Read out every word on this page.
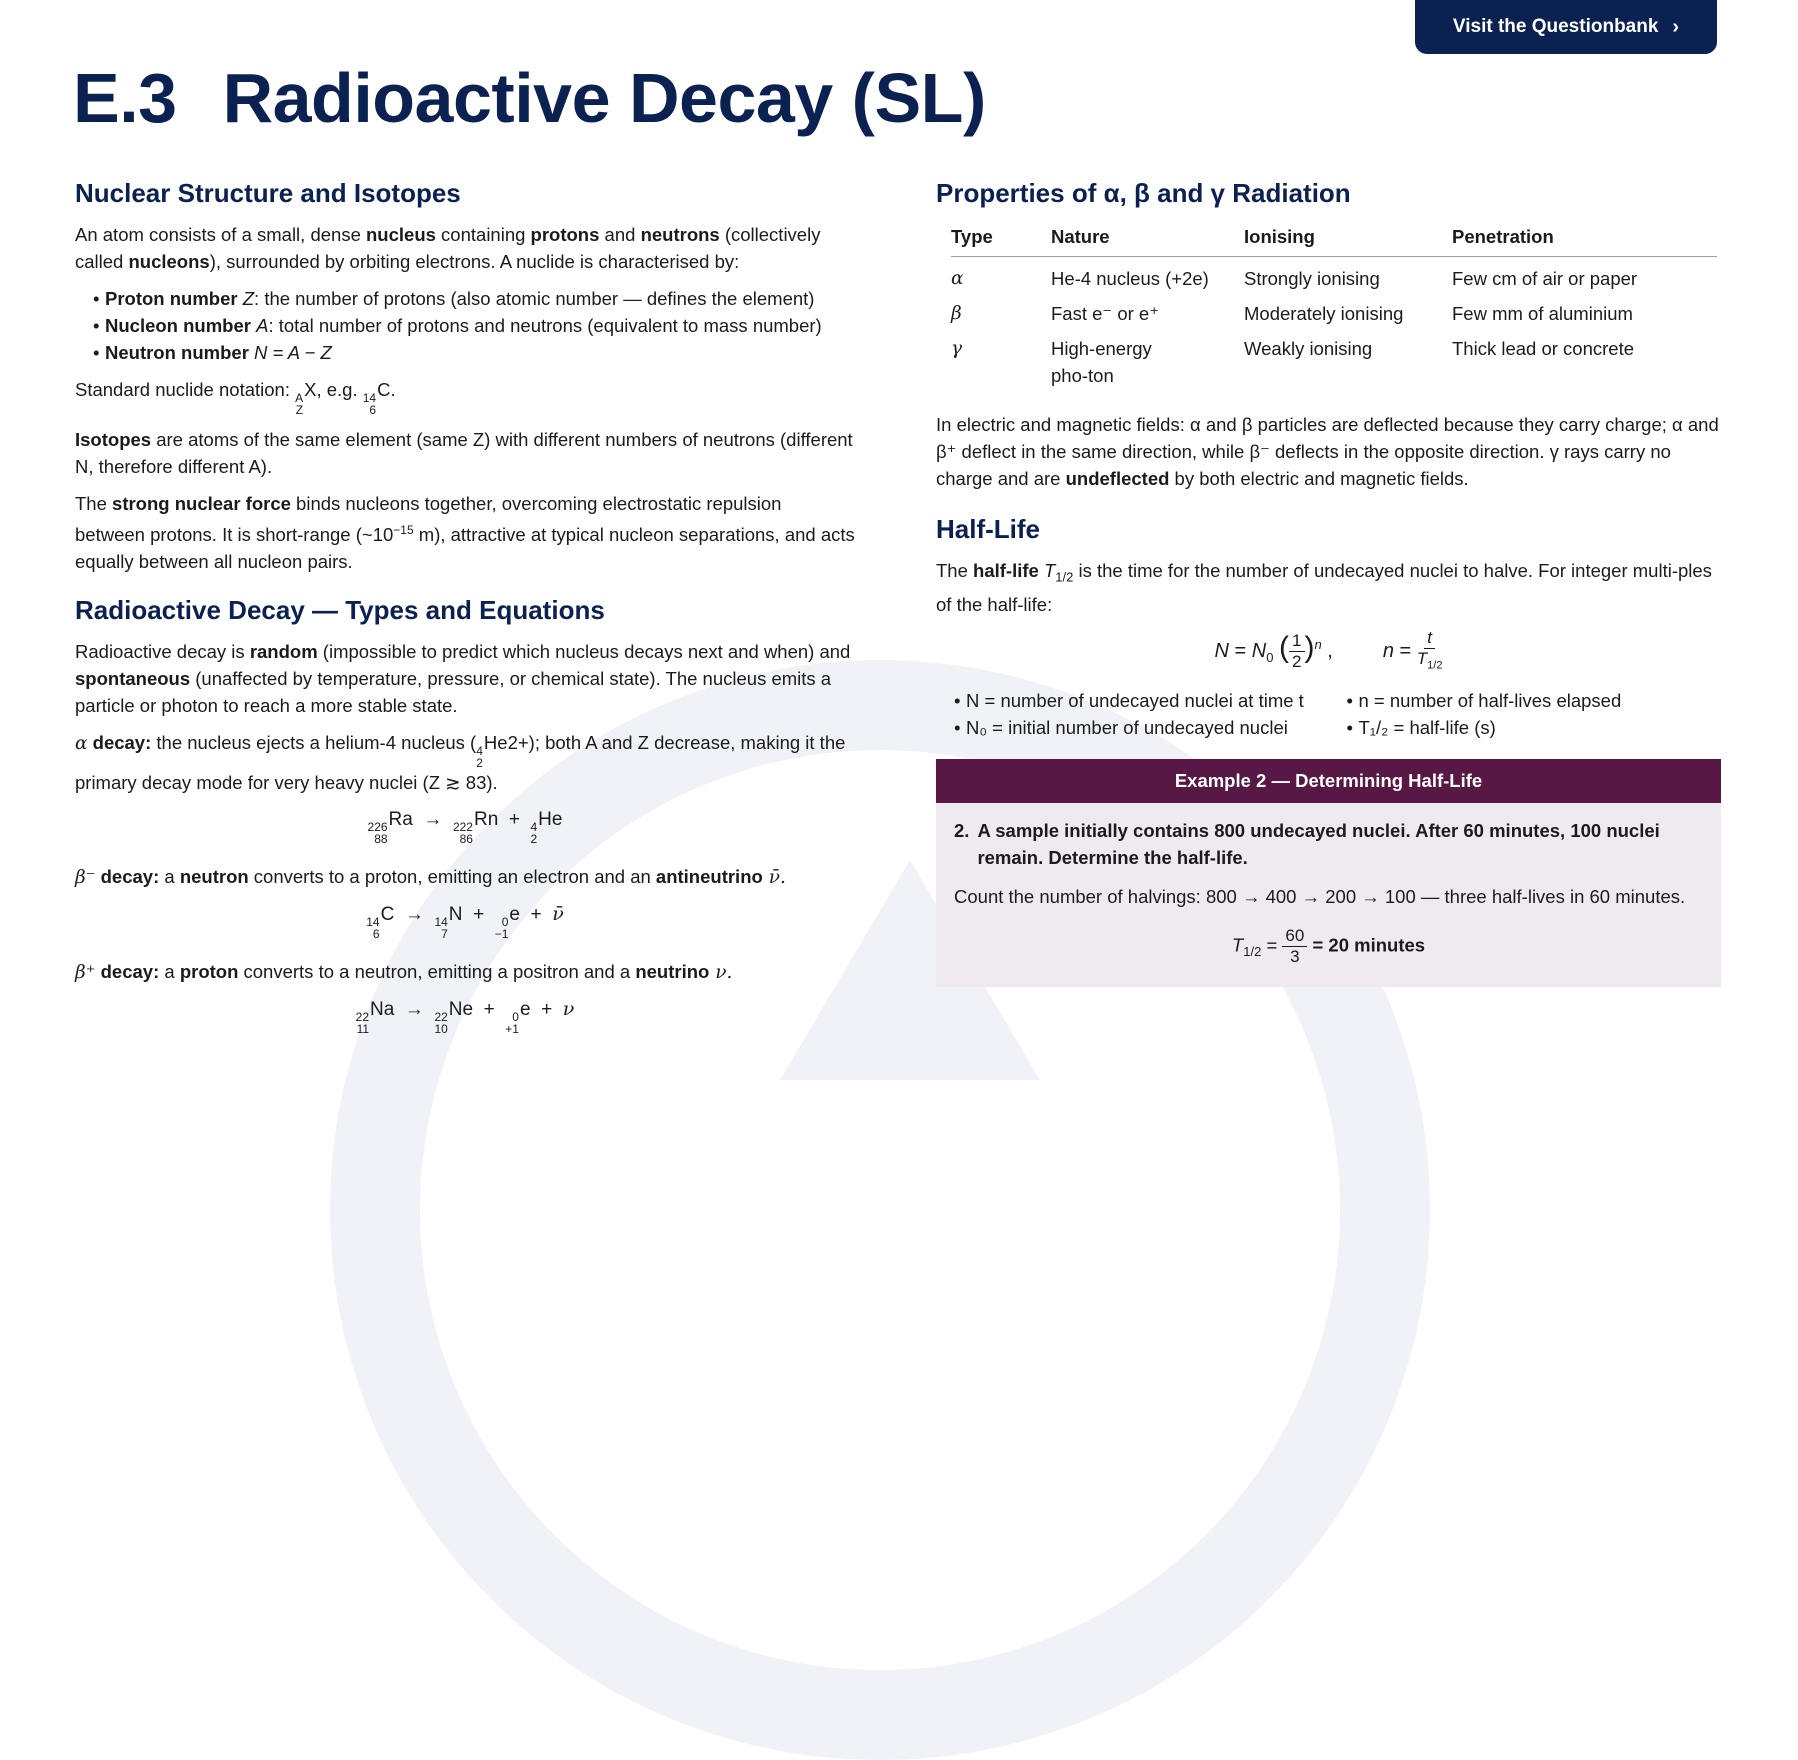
Visit the Questionbank ›
E.3 Radioactive Decay (SL)
Nuclear Structure and Isotopes

An atom consists of a small, dense nucleus containing protons and neutrons (collectively called nucleons), surrounded by orbiting electrons. A nuclide is characterised by:

• Proton number Z: the number of protons (also atomic number — defines the element)
• Nucleon number A: total number of protons and neutrons (equivalent to mass number)
• Neutron number N = A − Z

Standard nuclide notation: A
Z
X, e.g. 14
6
C.

Isotopes are atoms of the same element (same Z) with different numbers of neutrons (different N, therefore different A).

The strong nuclear force binds nucleons together, overcoming electrostatic repulsion between protons. It is short-range ($\sim 10^{-15}$ m), attractive at typical nucleon separations, and acts equally between all nucleon pairs.

Radioactive Decay — Types and Equations

Radioactive decay is random (impossible to predict which nucleus decays next and when) and spontaneous (unaffected by temperature, pressure, or chemical state). The nucleus emits a particle or photon to reach a more stable state.

α decay: the nucleus ejects a helium-4 nucleus ( 4
2
He2+); both A and Z decrease, making it the primary decay mode for very heavy nuclei (Z ≳ 83).

226
88
Ra  → 222
86
Rn  + 4
2
He

β⁻ decay: a neutron converts to a proton, emitting an electron and an antineutrino ν̄.

14
6
C  → 14
7
N  + 0
−1
e  +  ν̄

β⁺ decay: a proton converts to a neutron, emitting a positron and a neutrino ν.

22
11
Na  → 22
10
Ne  + 0
+1
e  +  ν
Properties of α, β and γ Radiation
Type	Nature	Ionising	Penetration
α	He-4 nucleus (+2e)	Strongly ionising	Few cm of air or paper
β	Fast e⁻ or e⁺	Moderately ionising	Few mm of aluminium
γ	High-energy pho-ton	Weakly ionising	Thick lead or concrete

In electric and magnetic fields: α and β particles are deflected because they carry charge; α and β⁺ deflect in the same direction, while β⁻ deflects in the opposite direction. γ rays carry no charge and are undeflected by both electric and magnetic fields.

Half-Life

The half-life $T_{1/2}$ is the time for the number of undecayed nuclei to halve. For integer multi-ples of the half-life:

$N = N_0$ ( $\frac{1}{2} )^n$ ,	$n = \frac{t}{T_{1/2}}$
• N = number of undecayed nuclei at time t
• N₀ = initial number of undecayed nuclei
• n = number of half-lives elapsed
• T₁/₂ = half-life (s)
Example 2 — Determining Half-Life
2. A sample initially contains 800 undecayed nuclei. After 60 minutes, 100 nuclei remain. Determine the half-life.

Count the number of halvings: 800 → 400 → 200 → 100 — three half-lives in 60 minutes.

$T_{1/2} = \frac{60}{3} = 20$ minutes
